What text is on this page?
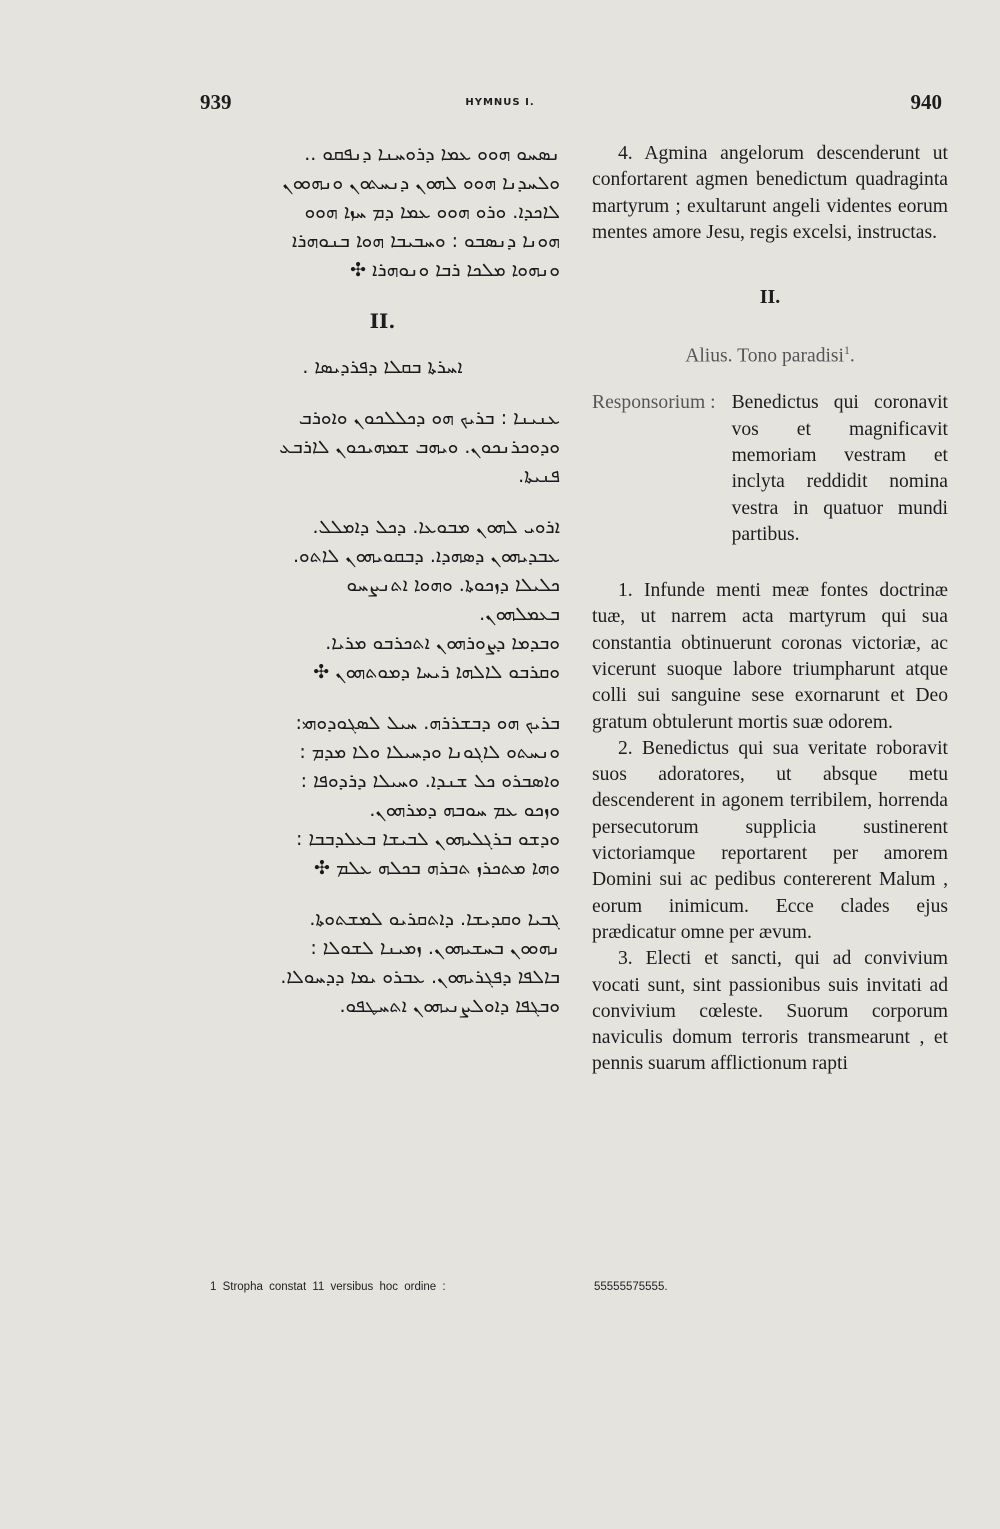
939	HYMNUS I.	940
ܢܣܚܘ ܗܘܘ ܥܡܐ ܕܪܘܚܢܐ ܕܢܦܩܘ ..
ܘܠܚܕܢܐ ܗܘܘ ܠܗܘܢ ܕܢܚܬܘܢ ܘܢܗܘܘܢ
ܠܐܟܕܐ. ܘܪܘ ܗܘܘ ܥܡܐ ܕܡ ܚܙܐ ܗܘܘ
ܗܘܢܐ ܕܢܣܒܘ : ܘܚܒܝܒܐ ܗܘܐ ܒܢܘܗܪܐ
ܘܢܗܘܐ ܡܠܟܐ ܪܒܐ ܘܢܘܗܪܐ ✣
II.
ܐܚܪܬܐ ܒܩܠܐ ܕܦܪܕܝܣܐ .
ܥܢܝܢܐ : ܒܪܝܟ ܗܘ ܕܟܠܠܟܘܢ ܘܐܘܪܒ
ܘܕܘܟܪܢܟܘܢ. ܘܝܗܒ ܫܡܗܝܟܘܢ ܠܐܪܒܥ
ܦܢܝܬܐ.
ܐܪܘܝ ܠܗܘܢ ܡܒܘܥܐ. ܕܟܠ ܕܐܡܠܠ.
ܥܒܕܝܗܘܢ ܕܣܗܕܐ. ܕܒܩܘܝܗܘܢ ܠܐܬܘ.
ܟܠܝܠܐ ܕܙܟܘܬܐ. ܘܗܘܐ ܐܬܢܨܚܘ
ܒܥܡܠܗܘܢ.
ܘܒܕܡܐ ܕܨܘܪܗܘܢ ܐܬܟܪܒܘ ܡܪܝܐ.
ܘܩܪܒܘ ܠܐܠܗܐ ܪܝܚܐ ܕܡܘܬܗܘܢ ✣
ܒܪܝܟ ܗܘ ܕܒܫܪܪܗ. ܚܝܠ ܠܣܓܘܕܘܗܝ:
ܘܢܚܬܘ ܠܐܓܘܢܐ ܘܕܚܝܠܐ ܘܠܐ ܡܕܡ :
ܘܐܣܒܪܘ ܟܠ ܫܢܕܐ. ܘܚܝܠܐ ܕܪܕܘܦܐ :
ܘܙܟܘ ܥܡ ܚܘܒܗ ܕܡܪܗܘܢ.
ܘܕܫܘ ܒܪܓܠܝܗܘܢ ܠܒܝܫܐ ܒܥܠܕܒܒܐ :
ܘܗܐ ܡܬܟܪܙ ܬܒܪܗ ܒܟܠܗ ܥܠܡ ✣
ܓܒܝܐ ܘܩܕܝܫܐ. ܕܐܬܩܪܝܘ ܠܡܫܬܘܬܐ.
ܢܗܘܘܢ ܒܚܫܝܗܘܢ. ܙܡܝܢܐ ܠܫܘܠܐ :
ܒܐܠܦܐ ܕܦܓܪܝܗܘܢ. ܥܒܪܘ ܝܡܐ ܕܕܚܘܠܐ.
ܘܒܓܦܐ ܕܐܘܠܨܢܝܗܘܢ ܐܬܚܛܦܘ.

4. Agmina angelorum descenderunt ut confortarent agmen benedictum quadraginta martyrum ; exultarunt angeli videntes eorum mentes amore Jesu, regis excelsi, instructas.

II.
Alius. Tono paradisi$^1$.
Responsorium : Benedictus qui coronavit vos et magnificavit memoriam vestram et inclyta reddidit nomina vestra in quatuor mundi partibus.

1. Infunde menti meæ fontes doctrinæ tuæ, ut narrem acta martyrum qui sua constantia obtinuerunt coronas victoriæ, ac vicerunt suoque labore triumpharunt atque colli sui sanguine sese exornarunt et Deo gratum obtulerunt mortis suæ odorem.

2. Benedictus qui sua veritate roboravit suos adoratores, ut absque metu descenderent in agonem terribilem, horrenda persecutorum supplicia sustinerent victoriamque reportarent per amorem Domini sui ac pedibus contererent Malum , eorum inimicum. Ecce clades ejus prædicatur omne per ævum.

3. Electi et sancti, qui ad convivium vocati sunt, sint passionibus suis invitati ad convivium cœleste. Suorum corporum naviculis domum terroris transmearunt , et pennis suarum afflictionum rapti

1 Stropha constat 11 versibus hoc ordine :	55555575555.
